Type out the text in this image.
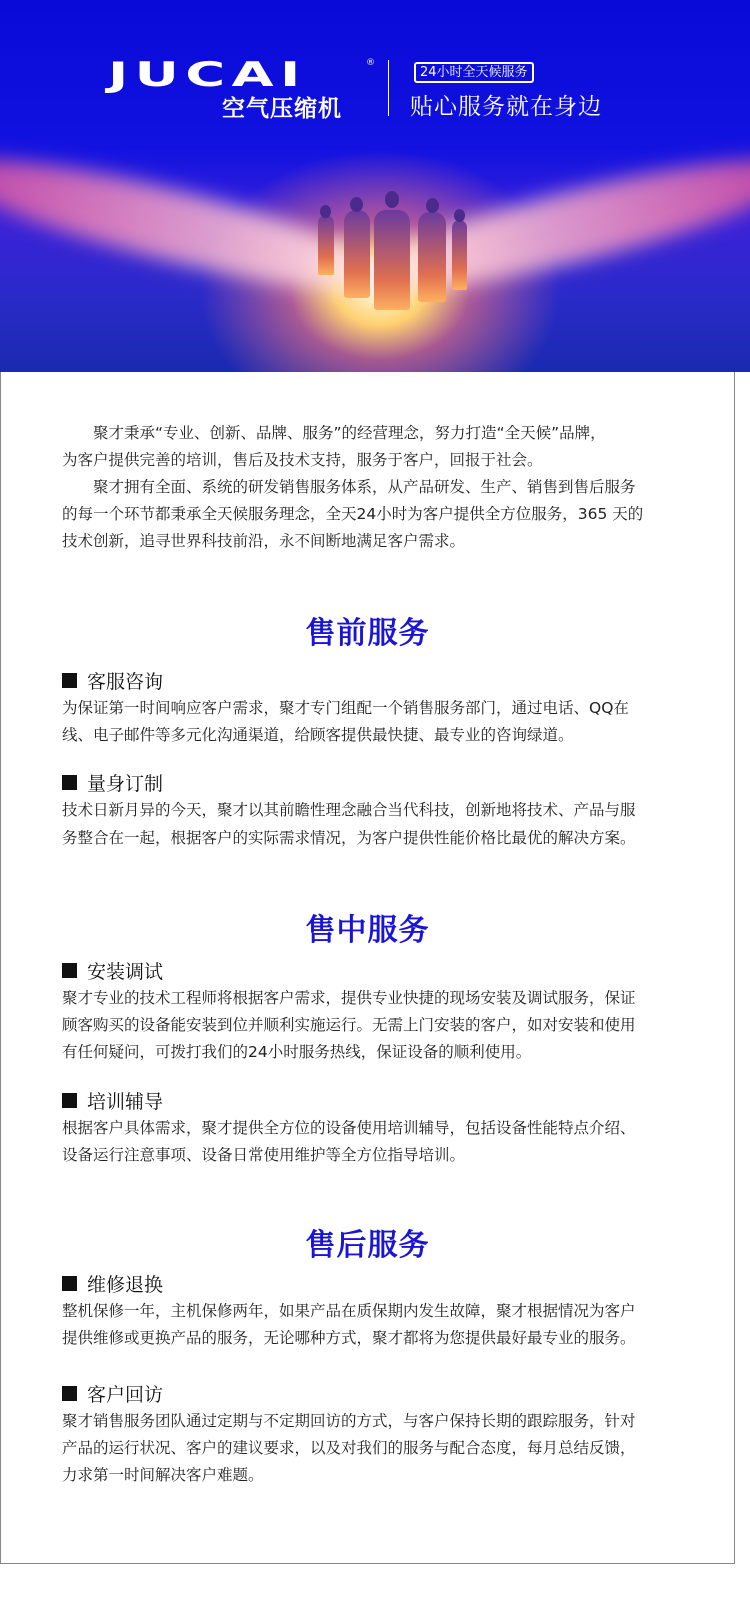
JUCAI	®
空气压缩机
24小时全天候服务
贴心服务就在身边
　　聚才秉承“专业、创新、品牌、服务”的经营理念，努力打造“全天候”品牌，
为客户提供完善的培训，售后及技术支持，服务于客户，回报于社会。
　　聚才拥有全面、系统的研发销售服务体系，从产品研发、生产、销售到售后服务
的每一个环节都秉承全天候服务理念，全天24小时为客户提供全方位服务，365 天的
技术创新，追寻世界科技前沿，永不间断地满足客户需求。
售前服务
客服咨询
为保证第一时间响应客户需求，聚才专门组配一个销售服务部门，通过电话、QQ在
线、电子邮件等多元化沟通渠道，给顾客提供最快捷、最专业的咨询绿道。
量身订制
技术日新月异的今天，聚才以其前瞻性理念融合当代科技，创新地将技术、产品与服
务整合在一起，根据客户的实际需求情况，为客户提供性能价格比最优的解决方案。
售中服务
安装调试
聚才专业的技术工程师将根据客户需求，提供专业快捷的现场安装及调试服务，保证
顾客购买的设备能安装到位并顺利实施运行。无需上门安装的客户，如对安装和使用
有任何疑问，可拨打我们的24小时服务热线，保证设备的顺利使用。
培训辅导
根据客户具体需求，聚才提供全方位的设备使用培训辅导，包括设备性能特点介绍、
设备运行注意事项、设备日常使用维护等全方位指导培训。
售后服务
维修退换
整机保修一年，主机保修两年，如果产品在质保期内发生故障，聚才根据情况为客户
提供维修或更换产品的服务，无论哪种方式，聚才都将为您提供最好最专业的服务。
客户回访
聚才销售服务团队通过定期与不定期回访的方式，与客户保持长期的跟踪服务，针对
产品的运行状况、客户的建议要求，以及对我们的服务与配合态度，每月总结反馈，
力求第一时间解决客户难题。
